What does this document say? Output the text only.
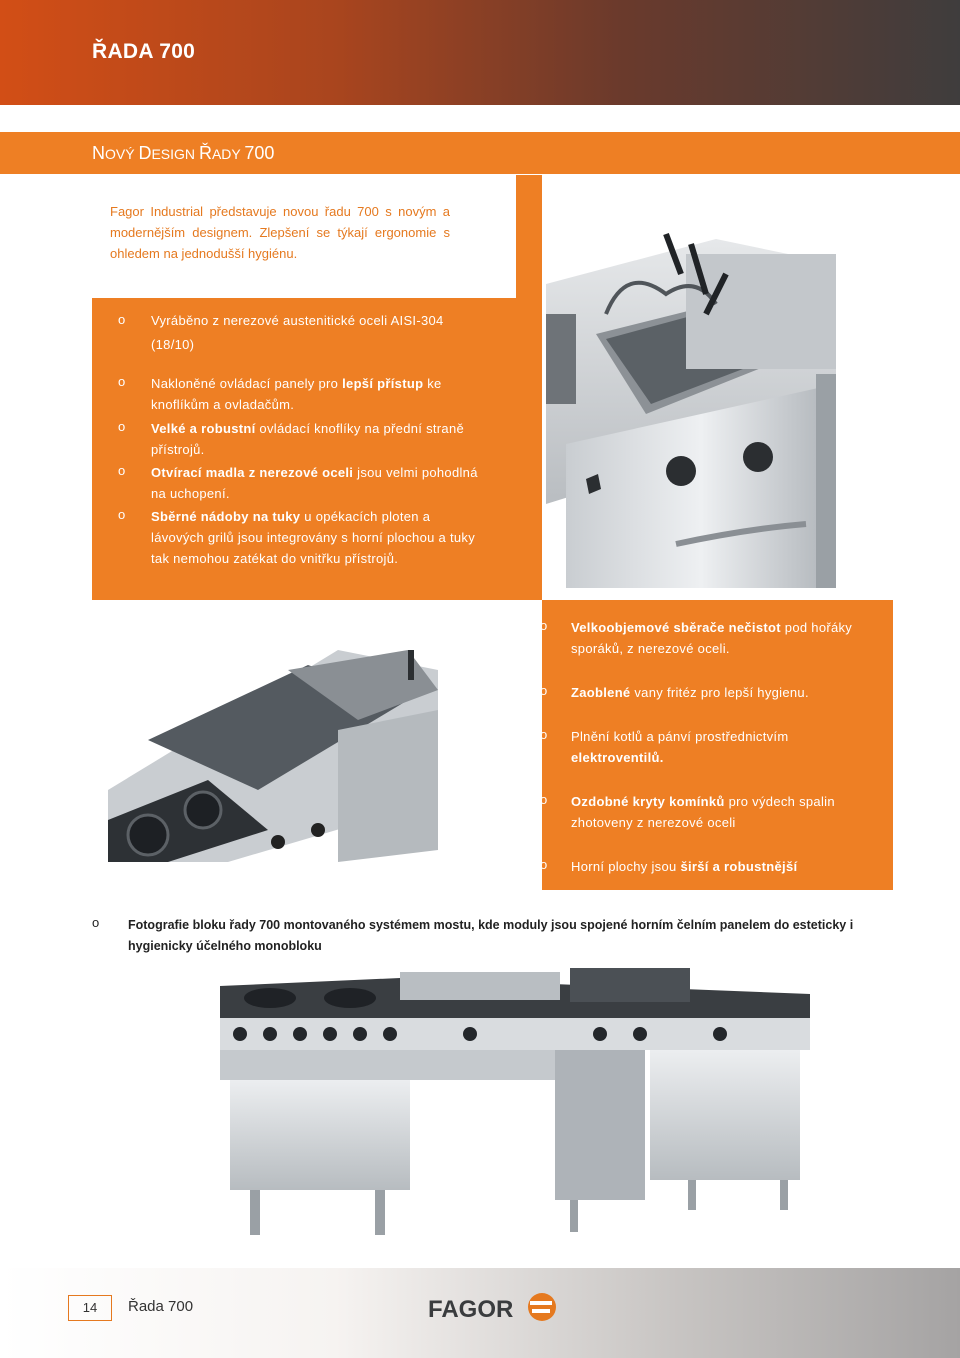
ŘADA 700
NOVÝ DESIGN ŘADY 700
Fagor Industrial představuje novou řadu 700 s novým a modernějším designem. Zlepšení se týkají ergonomie s ohledem na jednodušší hygiénu.
o Vyráběno z nerezové austenitické oceli AISI-304 (18/10)
o Nakloněné ovládací panely pro lepší přístup ke knoflíkům a ovladačům.
o Velké a robustní ovládací knoflíky na přední straně přístrojů.
o Otvírací madla z nerezové oceli jsou velmi pohodlná na uchopení.
o Sběrné nádoby na tuky u opékacích ploten a lávových grilů jsou integrovány s horní plochou a tuky tak nemohou zatékat do vnitřku přístrojů.
o Velkoobjemové sběrače nečistot pod hořáky sporáků, z nerezové oceli.
o Zaoblené vany fritéz pro lepší hygienu.
o Plnění kotlů a pánví prostřednictvím elektroventilů.
o Ozdobné kryty komínků pro výdech spalin zhotoveny z nerezové oceli
o Horní plochy jsou širší a robustnější
o Fotografie bloku řady 700 montovaného systémem mostu, kde moduly jsou spojené horním čelním panelem do esteticky i hygienicky účelného monobloku
14	Řada 700	FAGOR
